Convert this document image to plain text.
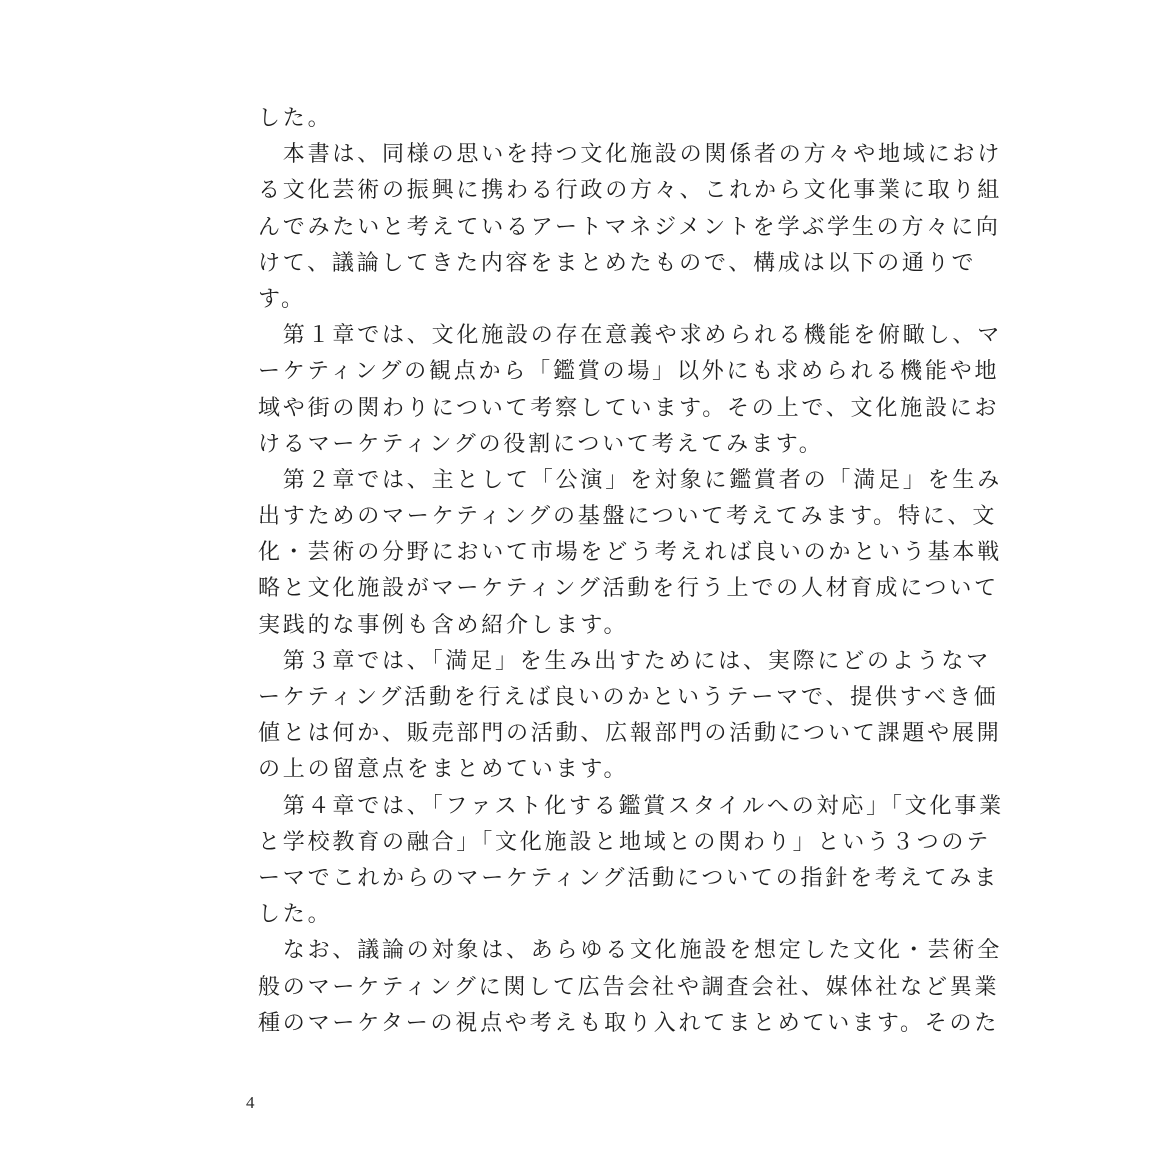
した。
　本書は、同様の思いを持つ文化施設の関係者の方々や地域におけ
る文化芸術の振興に携わる行政の方々、これから文化事業に取り組
んでみたいと考えているアートマネジメントを学ぶ学生の方々に向
けて、議論してきた内容をまとめたもので、構成は以下の通りで
す。
　第１章では、文化施設の存在意義や求められる機能を俯瞰し、マ
ーケティングの観点から「鑑賞の場」以外にも求められる機能や地
域や街の関わりについて考察しています。その上で、文化施設にお
けるマーケティングの役割について考えてみます。
　第２章では、主として「公演」を対象に鑑賞者の「満足」を生み
出すためのマーケティングの基盤について考えてみます。特に、文
化・芸術の分野において市場をどう考えれば良いのかという基本戦
略と文化施設がマーケティング活動を行う上での人材育成について
実践的な事例も含め紹介します。
　第３章では、「満足」を生み出すためには、実際にどのようなマ
ーケティング活動を行えば良いのかというテーマで、提供すべき価
値とは何か、販売部門の活動、広報部門の活動について課題や展開
の上の留意点をまとめています。
　第４章では、「ファスト化する鑑賞スタイルへの対応」「文化事業
と学校教育の融合」「文化施設と地域との関わり」という３つのテ
ーマでこれからのマーケティング活動についての指針を考えてみま
した。
　なお、議論の対象は、あらゆる文化施設を想定した文化・芸術全
般のマーケティングに関して広告会社や調査会社、媒体社など異業
種のマーケターの視点や考えも取り入れてまとめています。そのた
4
